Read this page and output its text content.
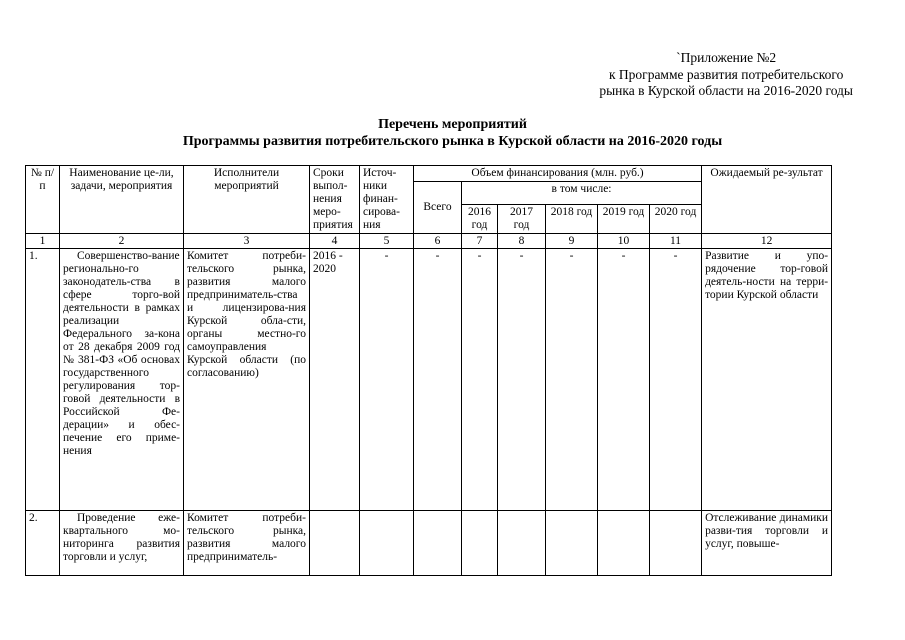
`Приложение №2
к Программе развития потребительского
рынка в Курской области на 2016-2020 годы
Перечень мероприятий
Программы развития потребительского рынка в Курской области на 2016-2020 годы
№ п/п	Наименование це-ли, задачи, мероприятия	Исполнители мероприятий	Сроки выпол-нения меро-приятия	Источ-ники финан-сирова-ния	Объем финансирования (млн. руб.)						Ожидаемый ре-зультат
					Всего	в том числе:					
						2016 год	2017 год	2018 год	2019 год	2020 год	
1	2	3	4	5	6	7	8	9	10	11	12
1.	Совершенство-вание регионально-го законодатель-ства в сфере торго-вой деятельности в рамках реализации Федерального за-кона от 28 декабря 2009 год № 381-ФЗ «Об основах государственного регулирования тор-говой деятельности в Российской Фе-дерации» и обес-печение его приме-нения	Комитет потреби-тельского рынка, развития малого предприниматель-ства и лицензирова-ния Курской обла-сти, органы местно-го самоуправления Курской области (по согласованию)	2016 - 2020	-	-	-	-	-	-	-	Развитие и упо-рядочение тор-говой деятель-ности на терри-тории Курской области
2.	Проведение еже-квартального мо-ниторинга развития торговли и услуг,	Комитет потреби-тельского рынка, развития малого предприниматель-									Отслеживание динамики разви-тия торговли и услуг, повыше-
